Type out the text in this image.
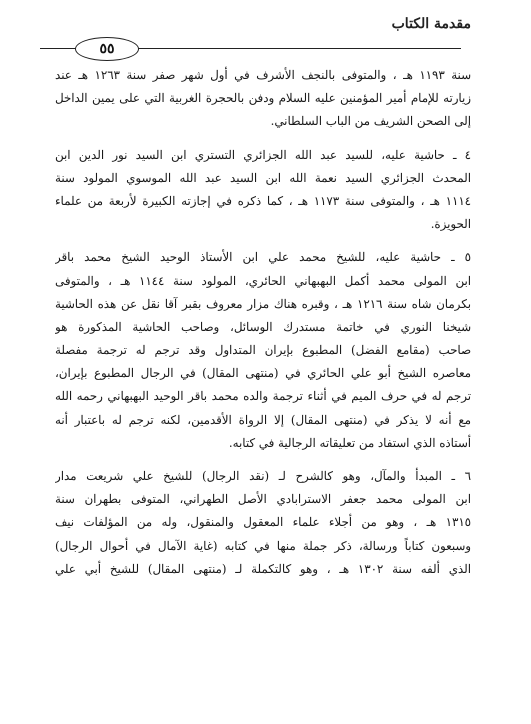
مقدمة الكتاب
٥٥
سنة ١١٩٣ هـ ، والمتوفى بالنجف الأشرف في أول شهر صفر سنة ١٢٦٣ هـ عند
زيارته للإمام أمير المؤمنين عليه السلام ودفن بالحجرة الغربية التي على يمين الداخل
إلى الصحن الشريف من الباب السلطاني.
٤ ـ حاشية عليه، للسيد عبد الله الجزائري التستري ابن السيد نور الدين ابن
المحدث الجزائري السيد نعمة الله ابن السيد عبد الله الموسوي المولود سنة
١١١٤ هـ ، والمتوفى سنة ١١٧٣ هـ ، كما ذكره في إجازته الكبيرة لأربعة من علماء
الحويزة.
٥ ـ حاشية عليه، للشيخ محمد علي ابن الأستاذ الوحيد الشيخ محمد باقر
ابن المولى محمد أكمل البهبهاني الحائري، المولود سنة ١١٤٤ هـ ، والمتوفى
بكرمان شاه سنة ١٢١٦ هـ ، وقبره هناك مزار معروف بقبر آقا نقل عن هذه الحاشية
شيخنا النوري في خاتمة مستدرك الوسائل، وصاحب الحاشية المذكورة هو
صاحب (مقامع الفضل) المطبوع بإيران المتداول وقد ترجم له ترجمة مفصلة
معاصره الشيخ أبو علي الحائري في (منتهى المقال) في الرجال المطبوع بإيران،
ترجم له في حرف الميم في أثناء ترجمة والده محمد باقر الوحيد البهبهاني رحمه الله
مع أنه لا يذكر في (منتهى المقال) إلا الرواة الأقدمين، لكنه ترجم له باعتبار أنه
أستاذه الذي استفاد من تعليقاته الرجالية في كتابه.
٦ ـ المبدأ والمآل، وهو كالشرح لـ (نقد الرجال) للشيخ علي شريعت مدار
ابن المولى محمد جعفر الاسترابادي الأصل الطهراني، المتوفى بطهران سنة
١٣١٥ هـ ، وهو من أجلاء علماء المعقول والمنقول، وله من المؤلفات نيف
وسبعون كتاباً ورسالة، ذكر جملة منها في كتابه (غاية الآمال في أحوال الرجال)
الذي ألفه سنة ١٣٠٢ هـ ، وهو كالتكملة لـ (منتهى المقال) للشيخ أبي علي
